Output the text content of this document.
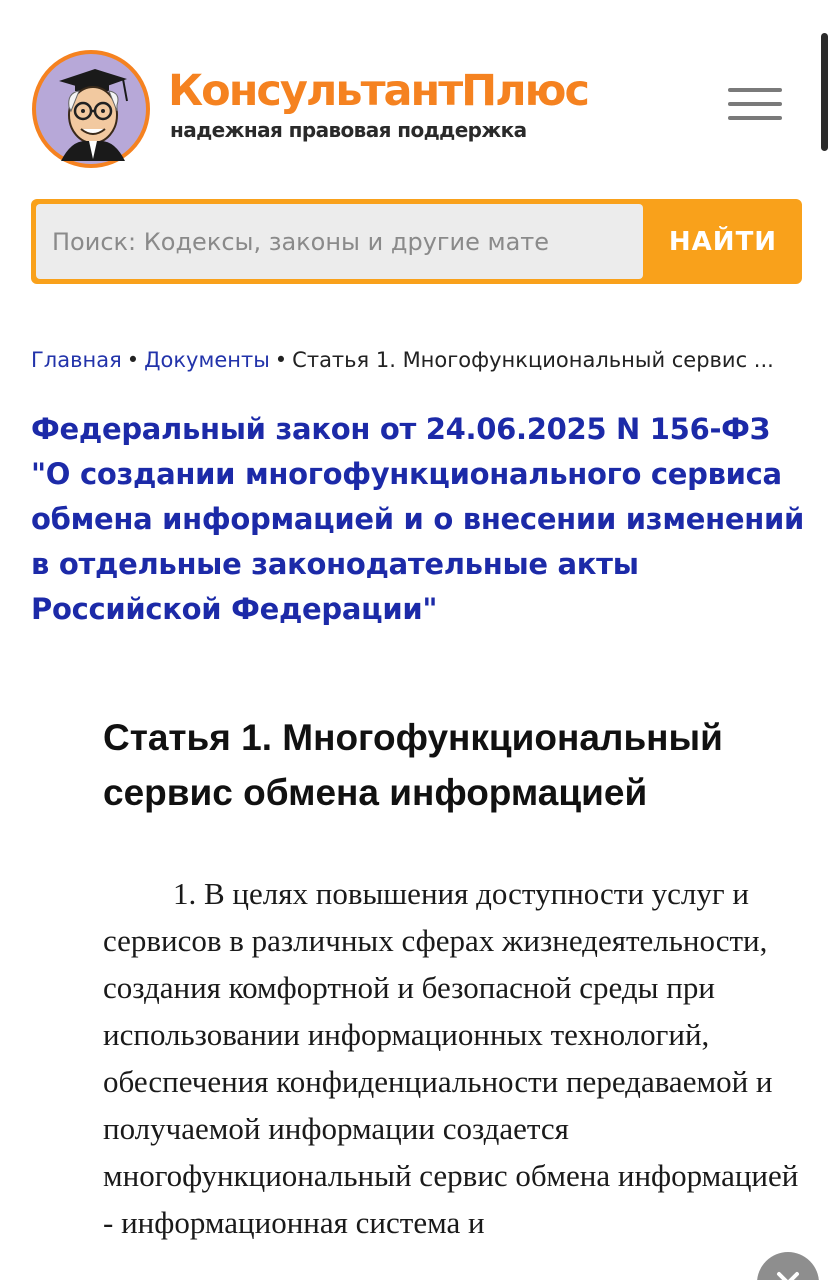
КонсультантПлюс
надежная правовая поддержка
Поиск: Кодексы, законы и другие мате
НАЙТИ
Главная • Документы • Статья 1. Многофункциональный сервис ...
Федеральный закон от 24.06.2025 N 156-ФЗ "О создании многофункционального сервиса обмена информацией и о внесении изменений в отдельные законодательные акты Российской Федерации"
Статья 1. Многофункциональный сервис обмена информацией
1. В целях повышения доступности услуг и сервисов в различных сферах жизнедеятельности, создания комфортной и безопасной среды при использовании информационных технологий, обеспечения конфиденциальности передаваемой и получаемой информации создается многофункциональный сервис обмена информацией - информационная система и
